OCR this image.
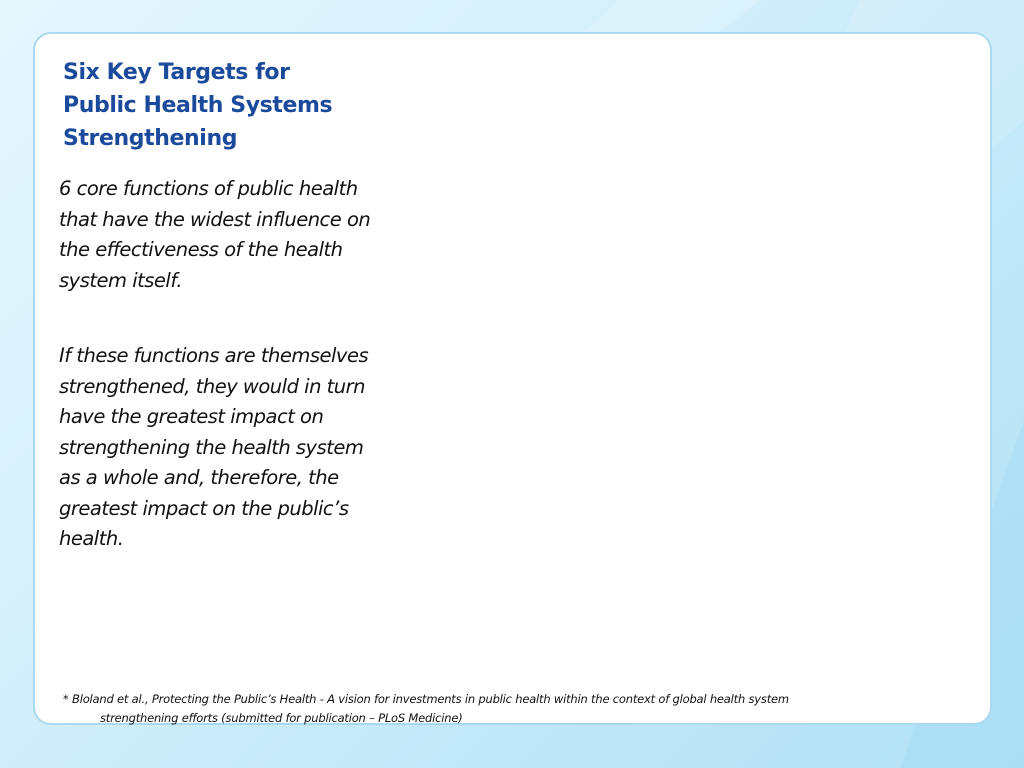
Six Key Targets for
Public Health Systems
Strengthening

6 core functions of public health
that have the widest influence on
the effectiveness of the health
system itself.

If these functions are themselves
strengthened, they would in turn
have the greatest impact on
strengthening the health system
as a whole and, therefore, the
greatest impact on the public’s
health.

* Bloland et al., Protecting the Public’s Health - A vision for investments in public health within the context of global health system
strengthening efforts (submitted for publication – PLoS Medicine)
